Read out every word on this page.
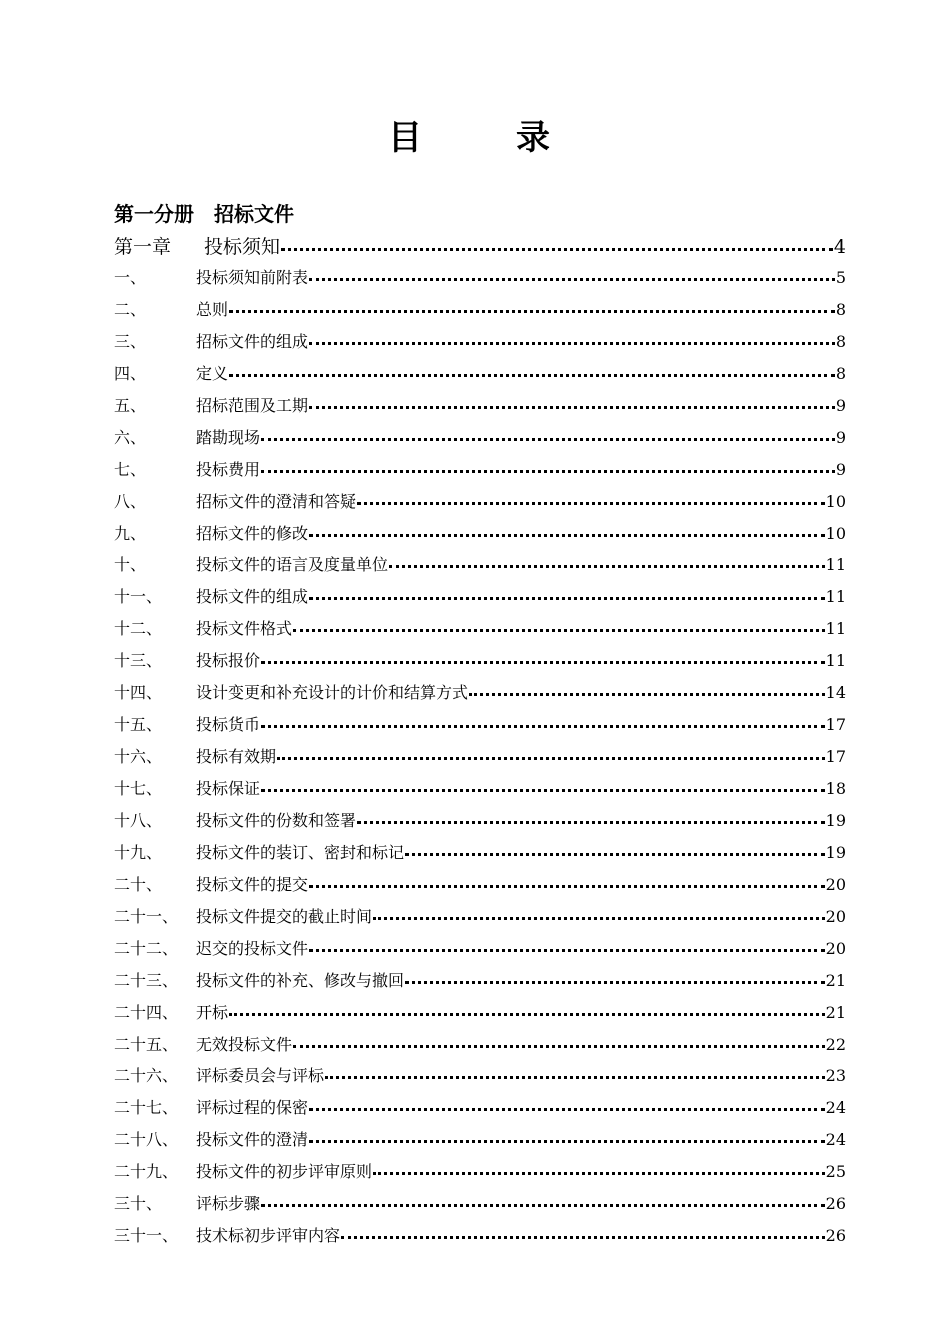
目　录
第一分册　招标文件
第一章	投标须知	4
一、	投标须知前附表	5
二、	总则	8
三、	招标文件的组成	8
四、	定义	8
五、	招标范围及工期	9
六、	踏勘现场	9
七、	投标费用	9
八、	招标文件的澄清和答疑	10
九、	招标文件的修改	10
十、	投标文件的语言及度量单位	11
十一、	投标文件的组成	11
十二、	投标文件格式	11
十三、	投标报价	11
十四、	设计变更和补充设计的计价和结算方式	14
十五、	投标货币	17
十六、	投标有效期	17
十七、	投标保证	18
十八、	投标文件的份数和签署	19
十九、	投标文件的装订、密封和标记	19
二十、	投标文件的提交	20
二十一、	投标文件提交的截止时间	20
二十二、	迟交的投标文件	20
二十三、	投标文件的补充、修改与撤回	21
二十四、	开标	21
二十五、	无效投标文件	22
二十六、	评标委员会与评标	23
二十七、	评标过程的保密	24
二十八、	投标文件的澄清	24
二十九、	投标文件的初步评审原则	25
三十、	评标步骤	26
三十一、	技术标初步评审内容	26
